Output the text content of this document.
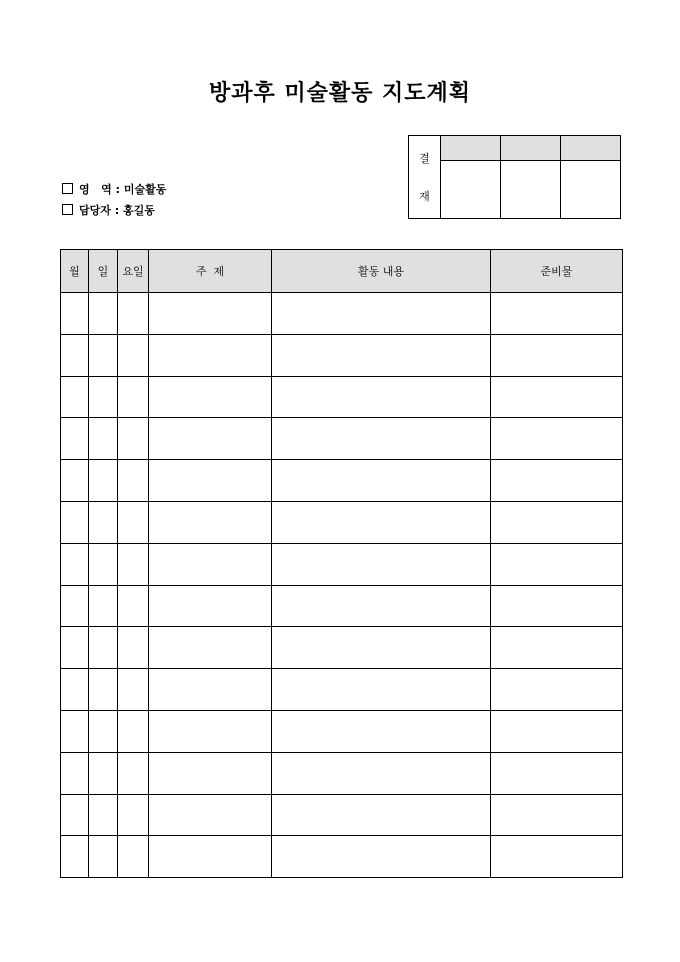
방과후 미술활동 지도계획
영   역 : 미술활동
담당자 : 홍길동
결
재			

월	일	요일	주  제	활동 내용	준비물
